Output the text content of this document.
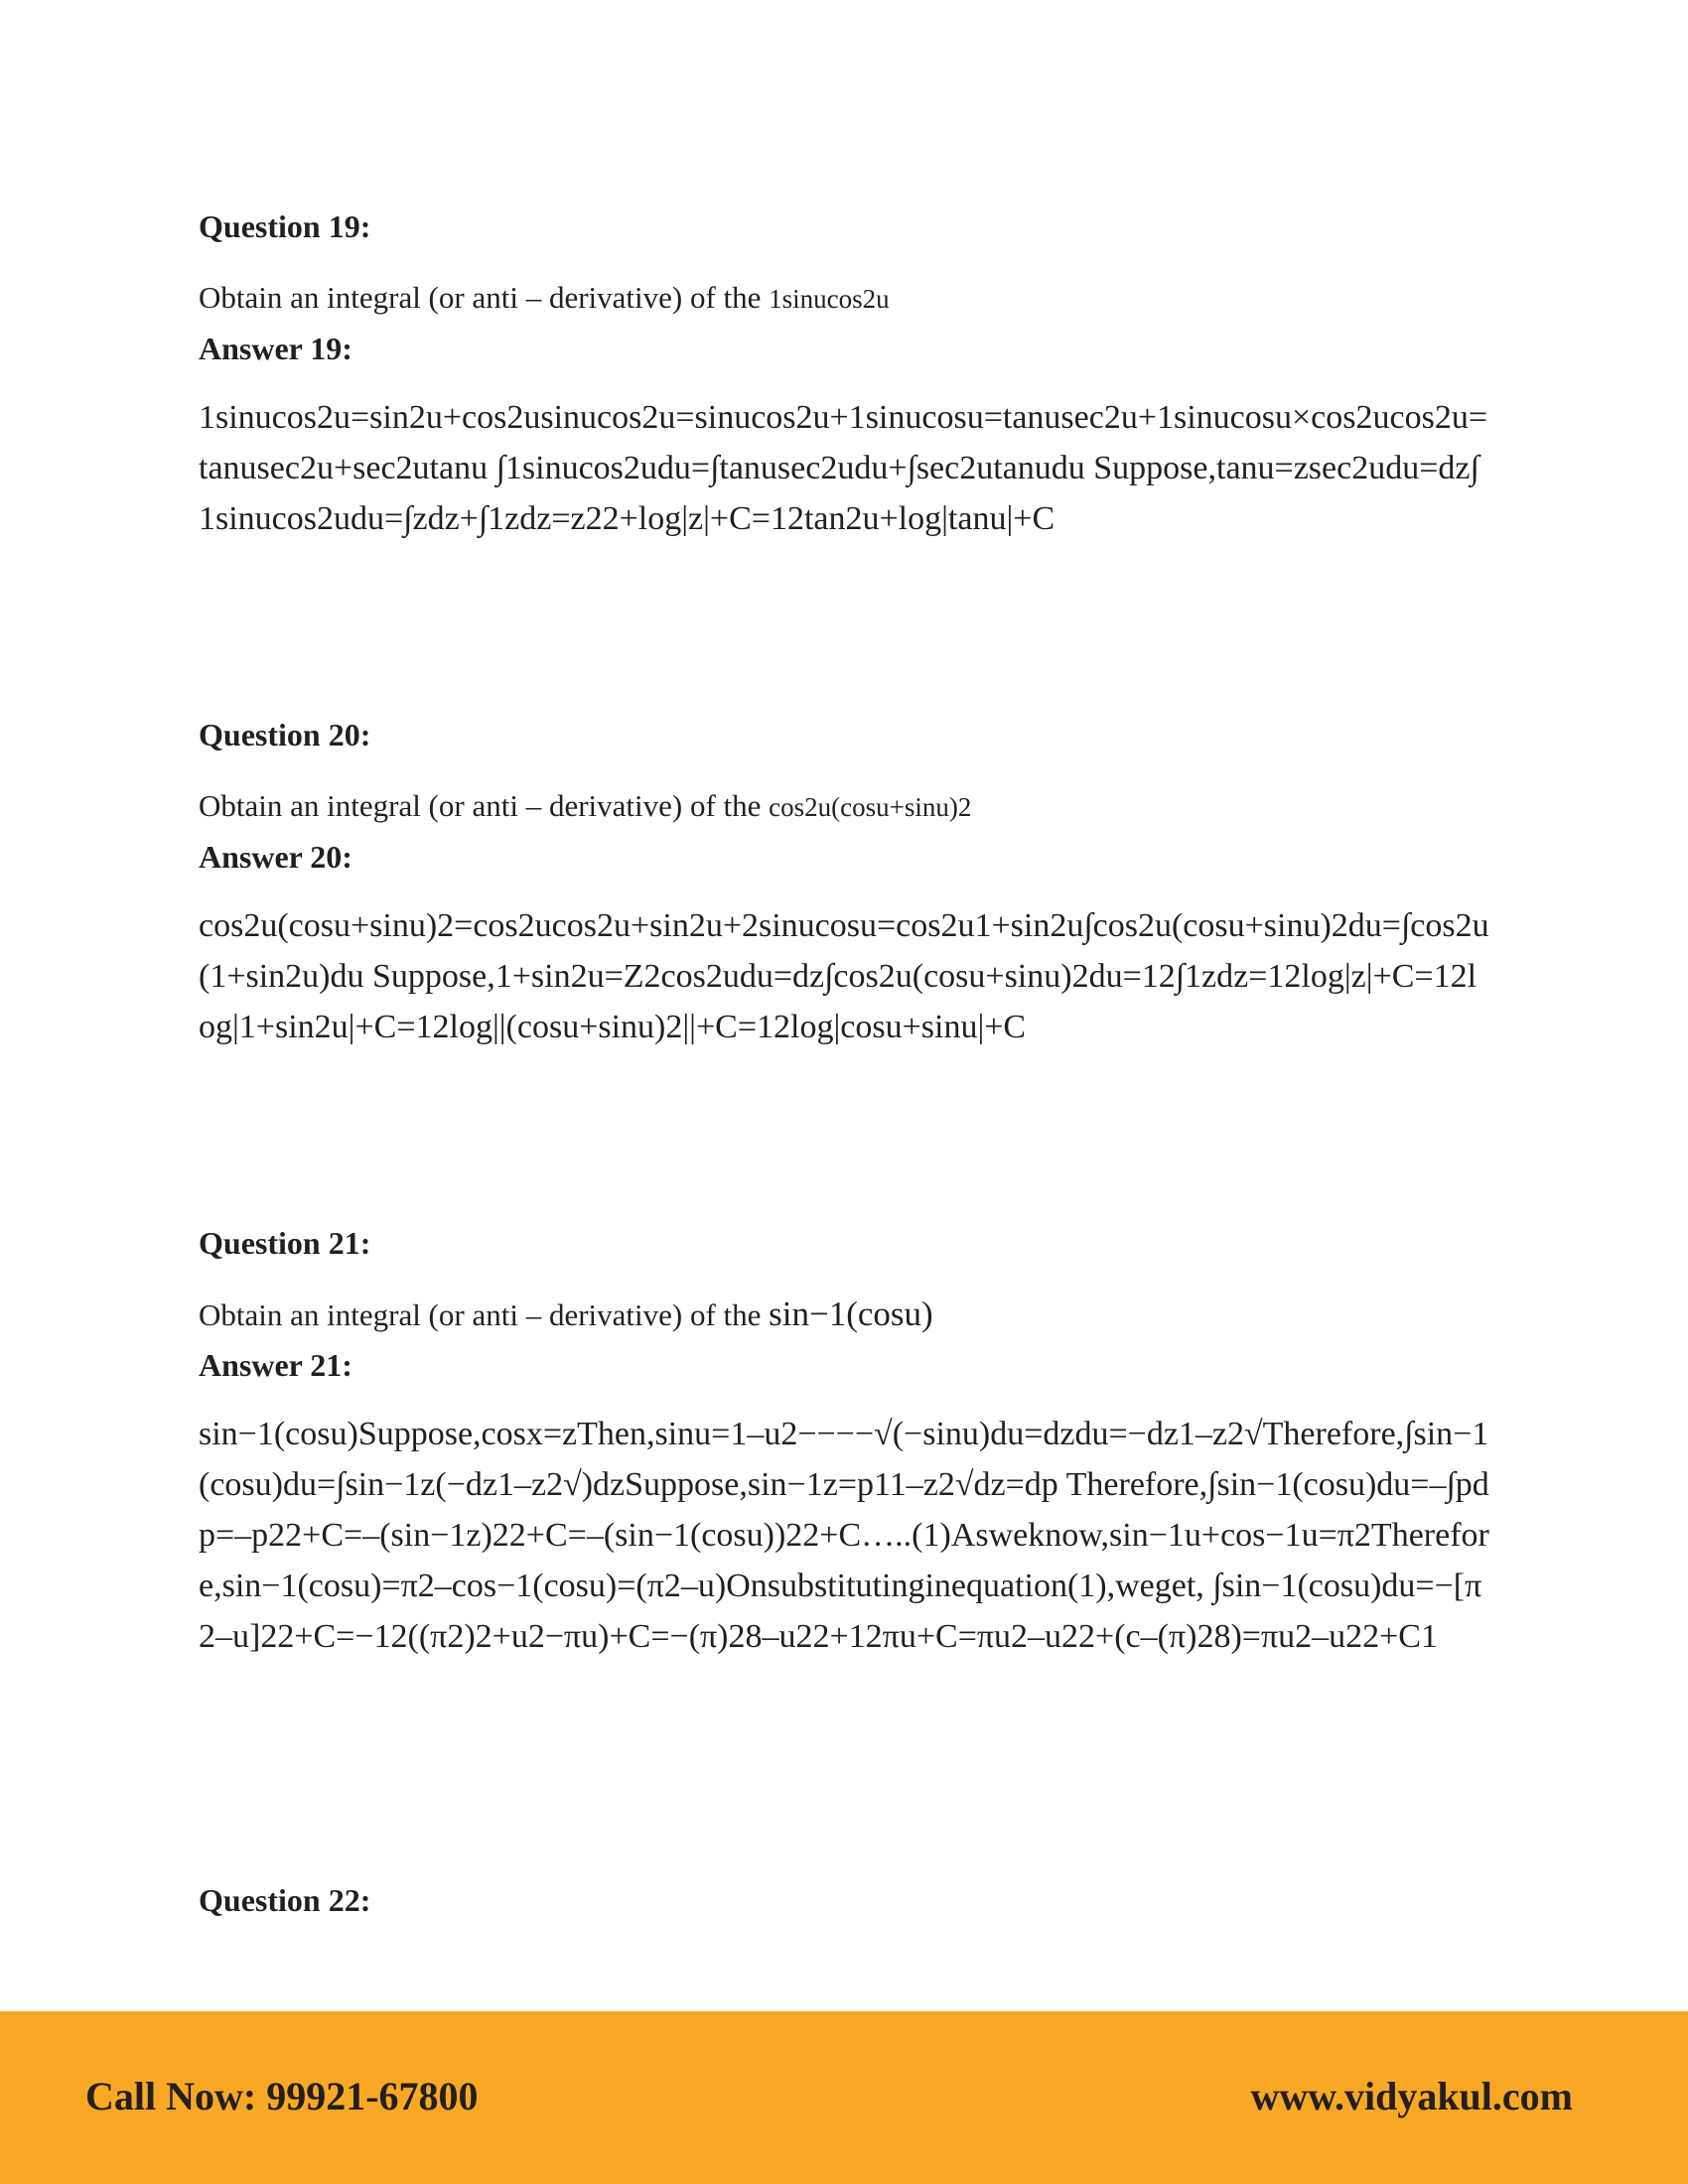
Question 19:

Obtain an integral (or anti – derivative) of the 1sinucos2u

Answer 19:

1sinucos2u=sin2u+cos2usinucos2u=sinucos2u+1sinucosu=tanusec2u+1sinucosu×cos2ucos2u=tanusec2u+sec2utanu ∫1sinucos2udu=∫tanusec2udu+∫sec2utanudu Suppose,tanu=zsec2udu=dz∫1sinucos2udu=∫zdz+∫1zdz=z22+log|z|+C=12tan2u+log|tanu|+C

Question 20:

Obtain an integral (or anti – derivative) of the cos2u(cosu+sinu)2

Answer 20:

cos2u(cosu+sinu)2=cos2ucos2u+sin2u+2sinucosu=cos2u1+sin2u∫cos2u(cosu+sinu)2du=∫cos2u(1+sin2u)du Suppose,1+sin2u=Z2cos2udu=dz∫cos2u(cosu+sinu)2du=12∫1zdz=12log|z|+C=12log|1+sin2u|+C=12log||(cosu+sinu)2||+C=12log|cosu+sinu|+C

Question 21:

Obtain an integral (or anti – derivative) of the sin−1(cosu)

Answer 21:

sin−1(cosu)Suppose,cosx=zThen,sinu=1–u2−−−−√(−sinu)du=dzdu=−dz1–z2√Therefore,∫sin−1(cosu)du=∫sin−1z(−dz1–z2√)dzSuppose,sin−1z=p11–z2√dz=dp Therefore,∫sin−1(cosu)du=–∫pdp=–p22+C=–(sin−1z)22+C=–(sin−1(cosu))22+C…..(1)Asweknow,sin−1u+cos−1u=π2Therefore,sin−1(cosu)=π2–cos−1(cosu)=(π2–u)Onsubstitutinginequation(1),weget, ∫sin−1(cosu)du=−[π2–u]22+C=−12((π2)2+u2−πu)+C=−(π)28–u22+12πu+C=πu2–u22+(c–(π)28)=πu2–u22+C1

Question 22:
Call Now: 99921-67800	www.vidyakul.com
